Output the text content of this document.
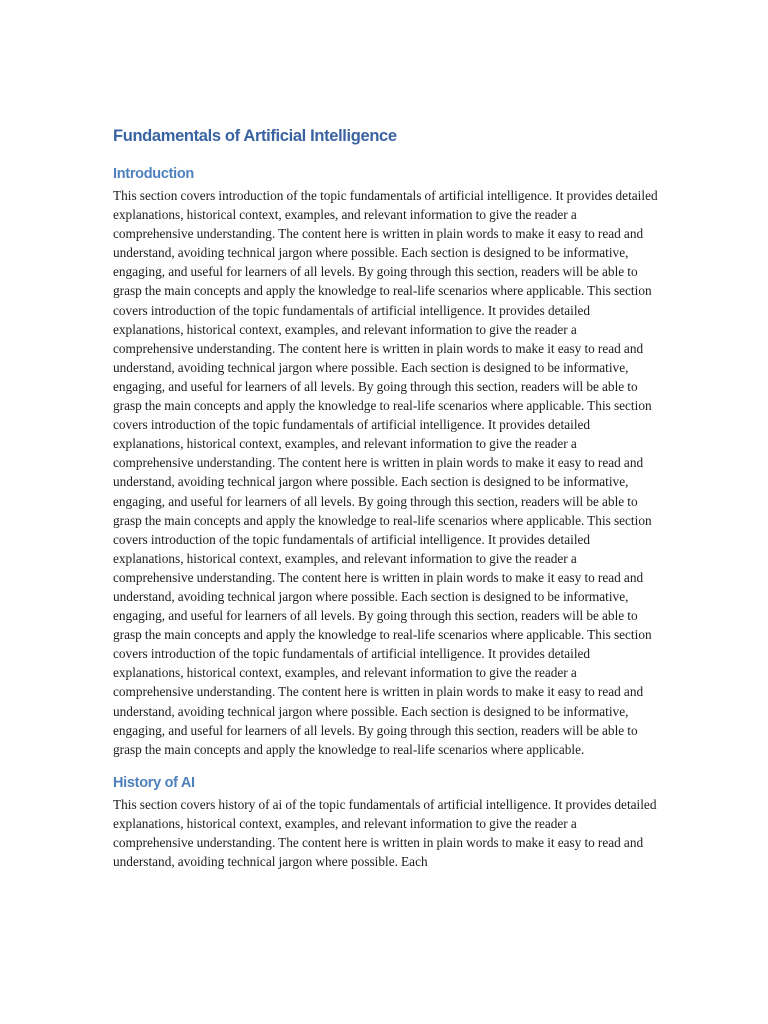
Fundamentals of Artificial Intelligence
Introduction

This section covers introduction of the topic fundamentals of artificial intelligence. It provides detailed explanations, historical context, examples, and relevant information to give the reader a comprehensive understanding. The content here is written in plain words to make it easy to read and understand, avoiding technical jargon where possible. Each section is designed to be informative, engaging, and useful for learners of all levels. By going through this section, readers will be able to grasp the main concepts and apply the knowledge to real-life scenarios where applicable. This section covers introduction of the topic fundamentals of artificial intelligence. It provides detailed explanations, historical context, examples, and relevant information to give the reader a comprehensive understanding. The content here is written in plain words to make it easy to read and understand, avoiding technical jargon where possible. Each section is designed to be informative, engaging, and useful for learners of all levels. By going through this section, readers will be able to grasp the main concepts and apply the knowledge to real-life scenarios where applicable. This section covers introduction of the topic fundamentals of artificial intelligence. It provides detailed explanations, historical context, examples, and relevant information to give the reader a comprehensive understanding. The content here is written in plain words to make it easy to read and understand, avoiding technical jargon where possible. Each section is designed to be informative, engaging, and useful for learners of all levels. By going through this section, readers will be able to grasp the main concepts and apply the knowledge to real-life scenarios where applicable. This section covers introduction of the topic fundamentals of artificial intelligence. It provides detailed explanations, historical context, examples, and relevant information to give the reader a comprehensive understanding. The content here is written in plain words to make it easy to read and understand, avoiding technical jargon where possible. Each section is designed to be informative, engaging, and useful for learners of all levels. By going through this section, readers will be able to grasp the main concepts and apply the knowledge to real-life scenarios where applicable. This section covers introduction of the topic fundamentals of artificial intelligence. It provides detailed explanations, historical context, examples, and relevant information to give the reader a comprehensive understanding. The content here is written in plain words to make it easy to read and understand, avoiding technical jargon where possible. Each section is designed to be informative, engaging, and useful for learners of all levels. By going through this section, readers will be able to grasp the main concepts and apply the knowledge to real-life scenarios where applicable.

History of AI

This section covers history of ai of the topic fundamentals of artificial intelligence. It provides detailed explanations, historical context, examples, and relevant information to give the reader a comprehensive understanding. The content here is written in plain words to make it easy to read and understand, avoiding technical jargon where possible. Each
